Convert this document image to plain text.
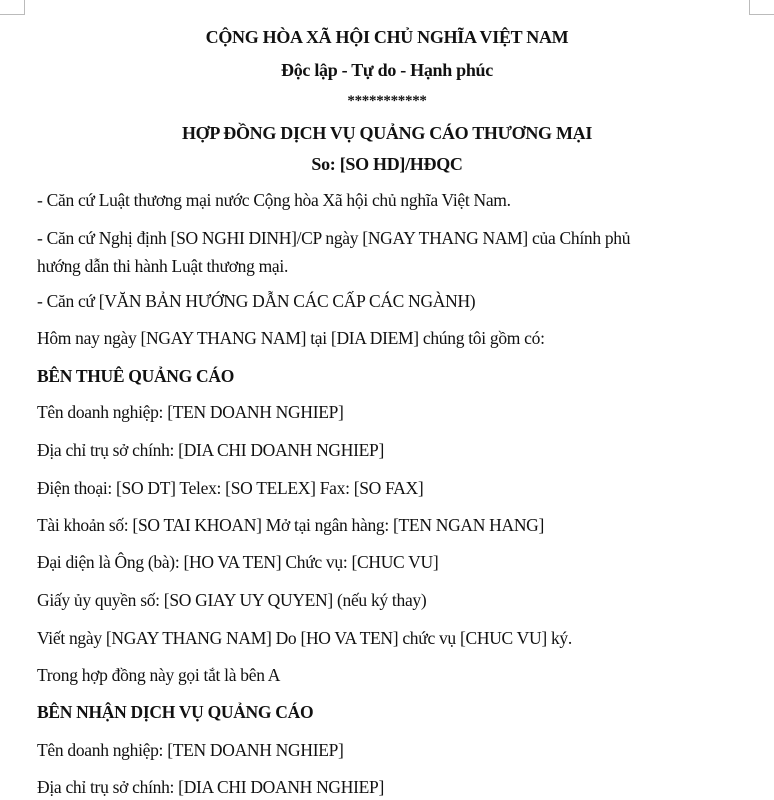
CỘNG HÒA XÃ HỘI CHỦ NGHĨA VIỆT NAM
Độc lập - Tự do - Hạnh phúc
***********
HỢP ĐỒNG DỊCH VỤ QUẢNG CÁO THƯƠNG MẠI
So: [SO HD]/HĐQC
- Căn cứ Luật thương mại nước Cộng hòa Xã hội chủ nghĩa Việt Nam.
- Căn cứ Nghị định [SO NGHI DINH]/CP ngày [NGAY THANG NAM] của Chính phủ
hướng dẫn thi hành Luật thương mại.
- Căn cứ [VĂN BẢN HƯỚNG DẪN CÁC CẤP CÁC NGÀNH)
Hôm nay ngày [NGAY THANG NAM] tại [DIA DIEM] chúng tôi gồm có:
BÊN THUÊ QUẢNG CÁO
Tên doanh nghiệp: [TEN DOANH NGHIEP]
Địa chỉ trụ sở chính: [DIA CHI DOANH NGHIEP]
Điện thoại: [SO DT] Telex: [SO TELEX] Fax: [SO FAX]
Tài khoản số: [SO TAI KHOAN] Mở tại ngân hàng: [TEN NGAN HANG]
Đại diện là Ông (bà): [HO VA TEN] Chức vụ: [CHUC VU]
Giấy ủy quyền số: [SO GIAY UY QUYEN] (nếu ký thay)
Viết ngày [NGAY THANG NAM] Do [HO VA TEN] chức vụ [CHUC VU] ký.
Trong hợp đồng này gọi tắt là bên A
BÊN NHẬN DỊCH VỤ QUẢNG CÁO
Tên doanh nghiệp: [TEN DOANH NGHIEP]
Địa chỉ trụ sở chính: [DIA CHI DOANH NGHIEP]
